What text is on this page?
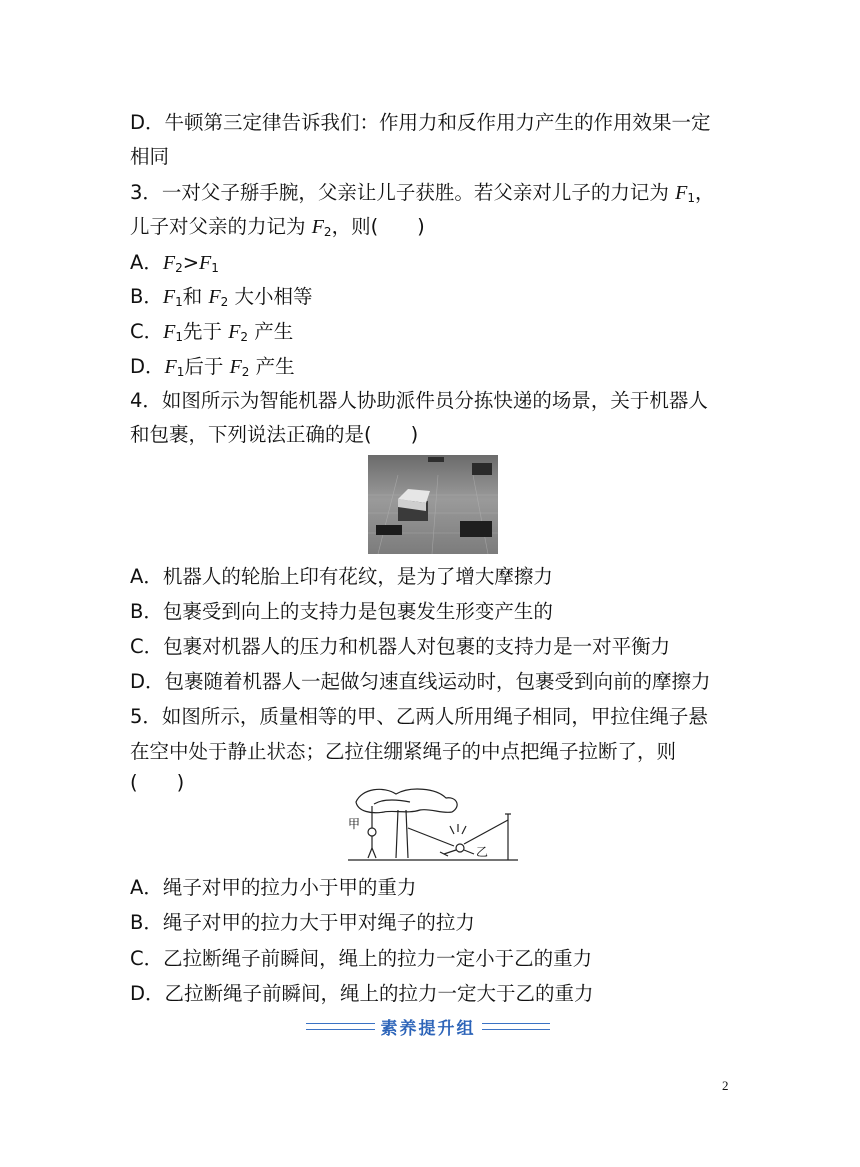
D．牛顿第三定律告诉我们：作用力和反作用力产生的作用效果一定
相同
3．一对父子掰手腕，父亲让儿子获胜。若父亲对儿子的力记为 $F_1$，
儿子对父亲的力记为 $F_2$，则(　　)
A．$F_2>F_1$
B．$F_1$和 $F_2$ 大小相等
C．$F_1$先于 $F_2$ 产生
D．$F_1$后于 $F_2$ 产生
4．如图所示为智能机器人协助派件员分拣快递的场景，关于机器人
和包裹，下列说法正确的是(　　)
A．机器人的轮胎上印有花纹，是为了增大摩擦力
B．包裹受到向上的支持力是包裹发生形变产生的
C．包裹对机器人的压力和机器人对包裹的支持力是一对平衡力
D．包裹随着机器人一起做匀速直线运动时，包裹受到向前的摩擦力
5．如图所示，质量相等的甲、乙两人所用绳子相同，甲拉住绳子悬
在空中处于静止状态；乙拉住绷紧绳子的中点把绳子拉断了，则
(　　)
甲
乙
A．绳子对甲的拉力小于甲的重力
B．绳子对甲的拉力大于甲对绳子的拉力
C．乙拉断绳子前瞬间，绳上的拉力一定小于乙的重力
D．乙拉断绳子前瞬间，绳上的拉力一定大于乙的重力
素养提升组
2
